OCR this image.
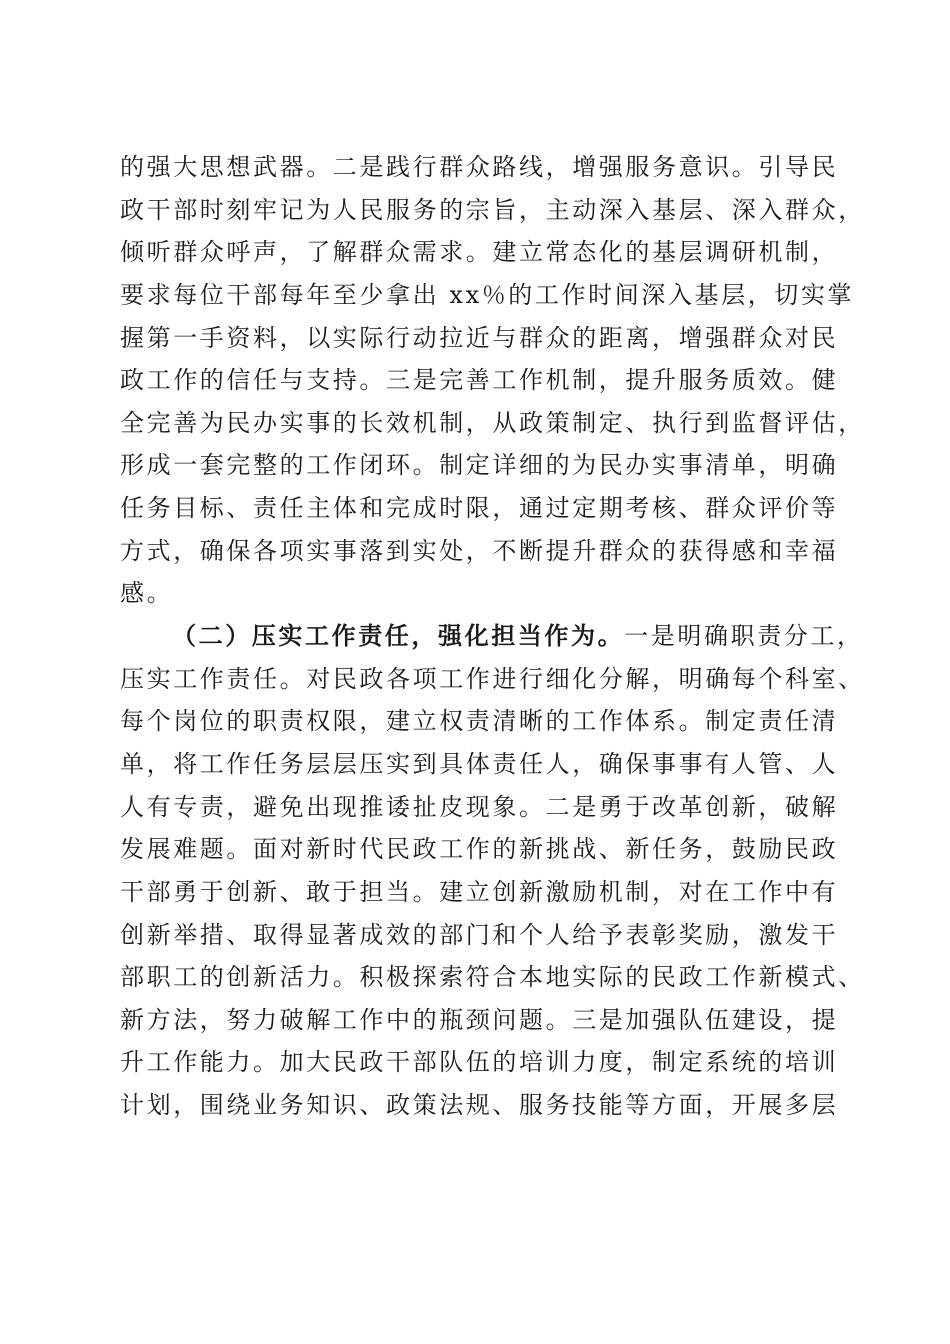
的强大思想武器。二是践行群众路线，增强服务意识。引导民
政干部时刻牢记为人民服务的宗旨，主动深入基层、深入群众，
倾听群众呼声，了解群众需求。建立常态化的基层调研机制，
要求每位干部每年至少拿出 xx％的工作时间深入基层，切实掌
握第一手资料，以实际行动拉近与群众的距离，增强群众对民
政工作的信任与支持。三是完善工作机制，提升服务质效。健
全完善为民办实事的长效机制，从政策制定、执行到监督评估，
形成一套完整的工作闭环。制定详细的为民办实事清单，明确
任务目标、责任主体和完成时限，通过定期考核、群众评价等
方式，确保各项实事落到实处，不断提升群众的获得感和幸福
感。
（二）压实工作责任，强化担当作为。一是明确职责分工，
压实工作责任。对民政各项工作进行细化分解，明确每个科室、
每个岗位的职责权限，建立权责清晰的工作体系。制定责任清
单，将工作任务层层压实到具体责任人，确保事事有人管、人
人有专责，避免出现推诿扯皮现象。二是勇于改革创新，破解
发展难题。面对新时代民政工作的新挑战、新任务，鼓励民政
干部勇于创新、敢于担当。建立创新激励机制，对在工作中有
创新举措、取得显著成效的部门和个人给予表彰奖励，激发干
部职工的创新活力。积极探索符合本地实际的民政工作新模式、
新方法，努力破解工作中的瓶颈问题。三是加强队伍建设，提
升工作能力。加大民政干部队伍的培训力度，制定系统的培训
计划，围绕业务知识、政策法规、服务技能等方面，开展多层
